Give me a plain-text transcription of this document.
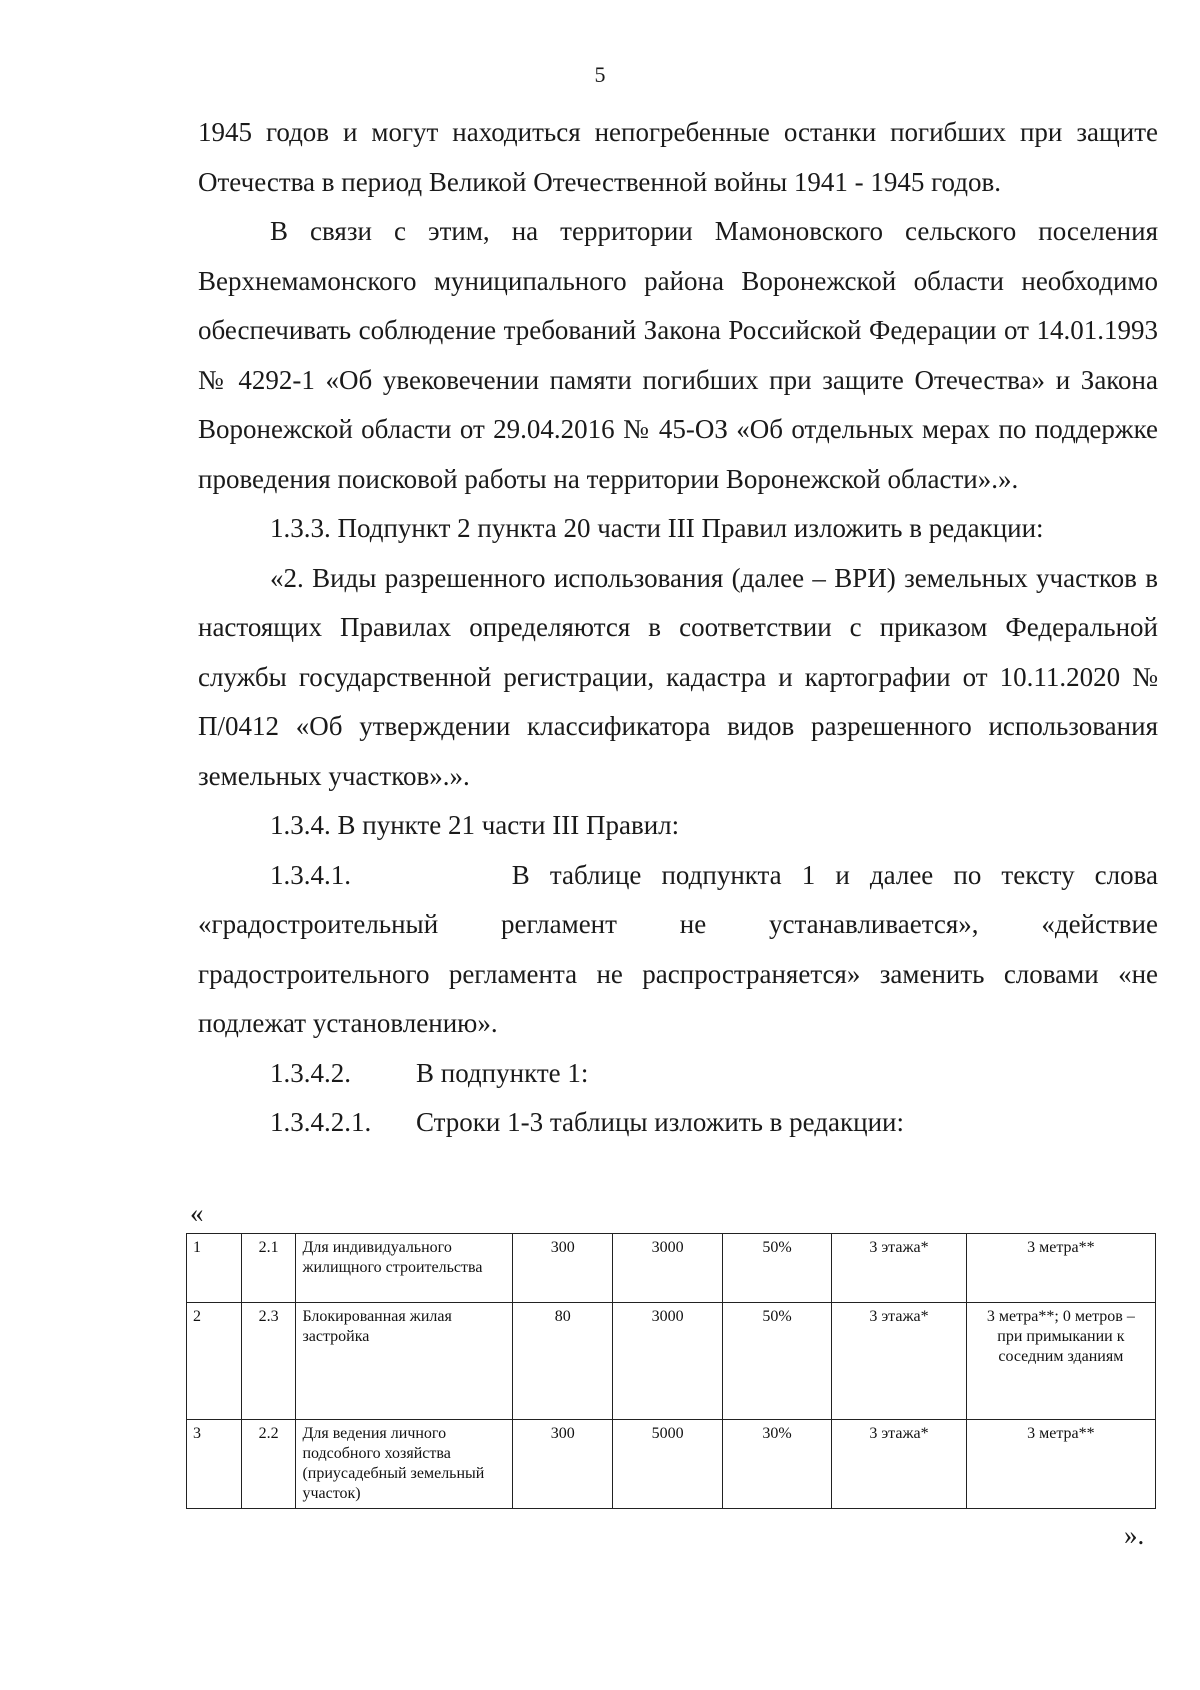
5

1945 годов и могут находиться непогребенные останки погибших при защите

Отечества в период Великой Отечественной войны 1941 - 1945 годов.

В связи с этим, на территории Мамоновского сельского поселения Верхнемамонского муниципального района Воронежской области необходимо обеспечивать соблюдение требований Закона Российской Федерации от 14.01.1993 № 4292-1 «Об увековечении памяти погибших при защите Отечества» и Закона Воронежской области от 29.04.2016 № 45-ОЗ «Об отдельных мерах по поддержке проведения поисковой работы на территории Воронежской области».».

1.3.3. Подпункт 2 пункта 20 части III Правил изложить в редакции:

«2. Виды разрешенного использования (далее – ВРИ) земельных участков в настоящих Правилах определяются в соответствии с приказом Федеральной службы государственной регистрации, кадастра и картографии от 10.11.2020 № П/0412 «Об утверждении классификатора видов разрешенного использования земельных участков».».

1.3.4. В пункте 21 части III Правил:

1.3.4.1.	В таблице подпункта 1 и далее по тексту слова «градостроительный регламент не устанавливается», «действие градостроительного регламента не распространяется» заменить словами «не подлежат установлению».

1.3.4.2.	В подпункте 1:
1.3.4.2.1.	Строки 1-3 таблицы изложить в редакции:
«
1	2.1	Для индивидуального жилищного строительства	300	3000	50%	3 этажа*	3 метра**
2	2.3	Блокированная жилая застройка	80	3000	50%	3 этажа*	3 метра**; 0 метров – при примыкании к соседним зданиям
3	2.2	Для ведения личного подсобного хозяйства (приусадебный земельный участок)	300	5000	30%	3 этажа*	3 метра**
».
